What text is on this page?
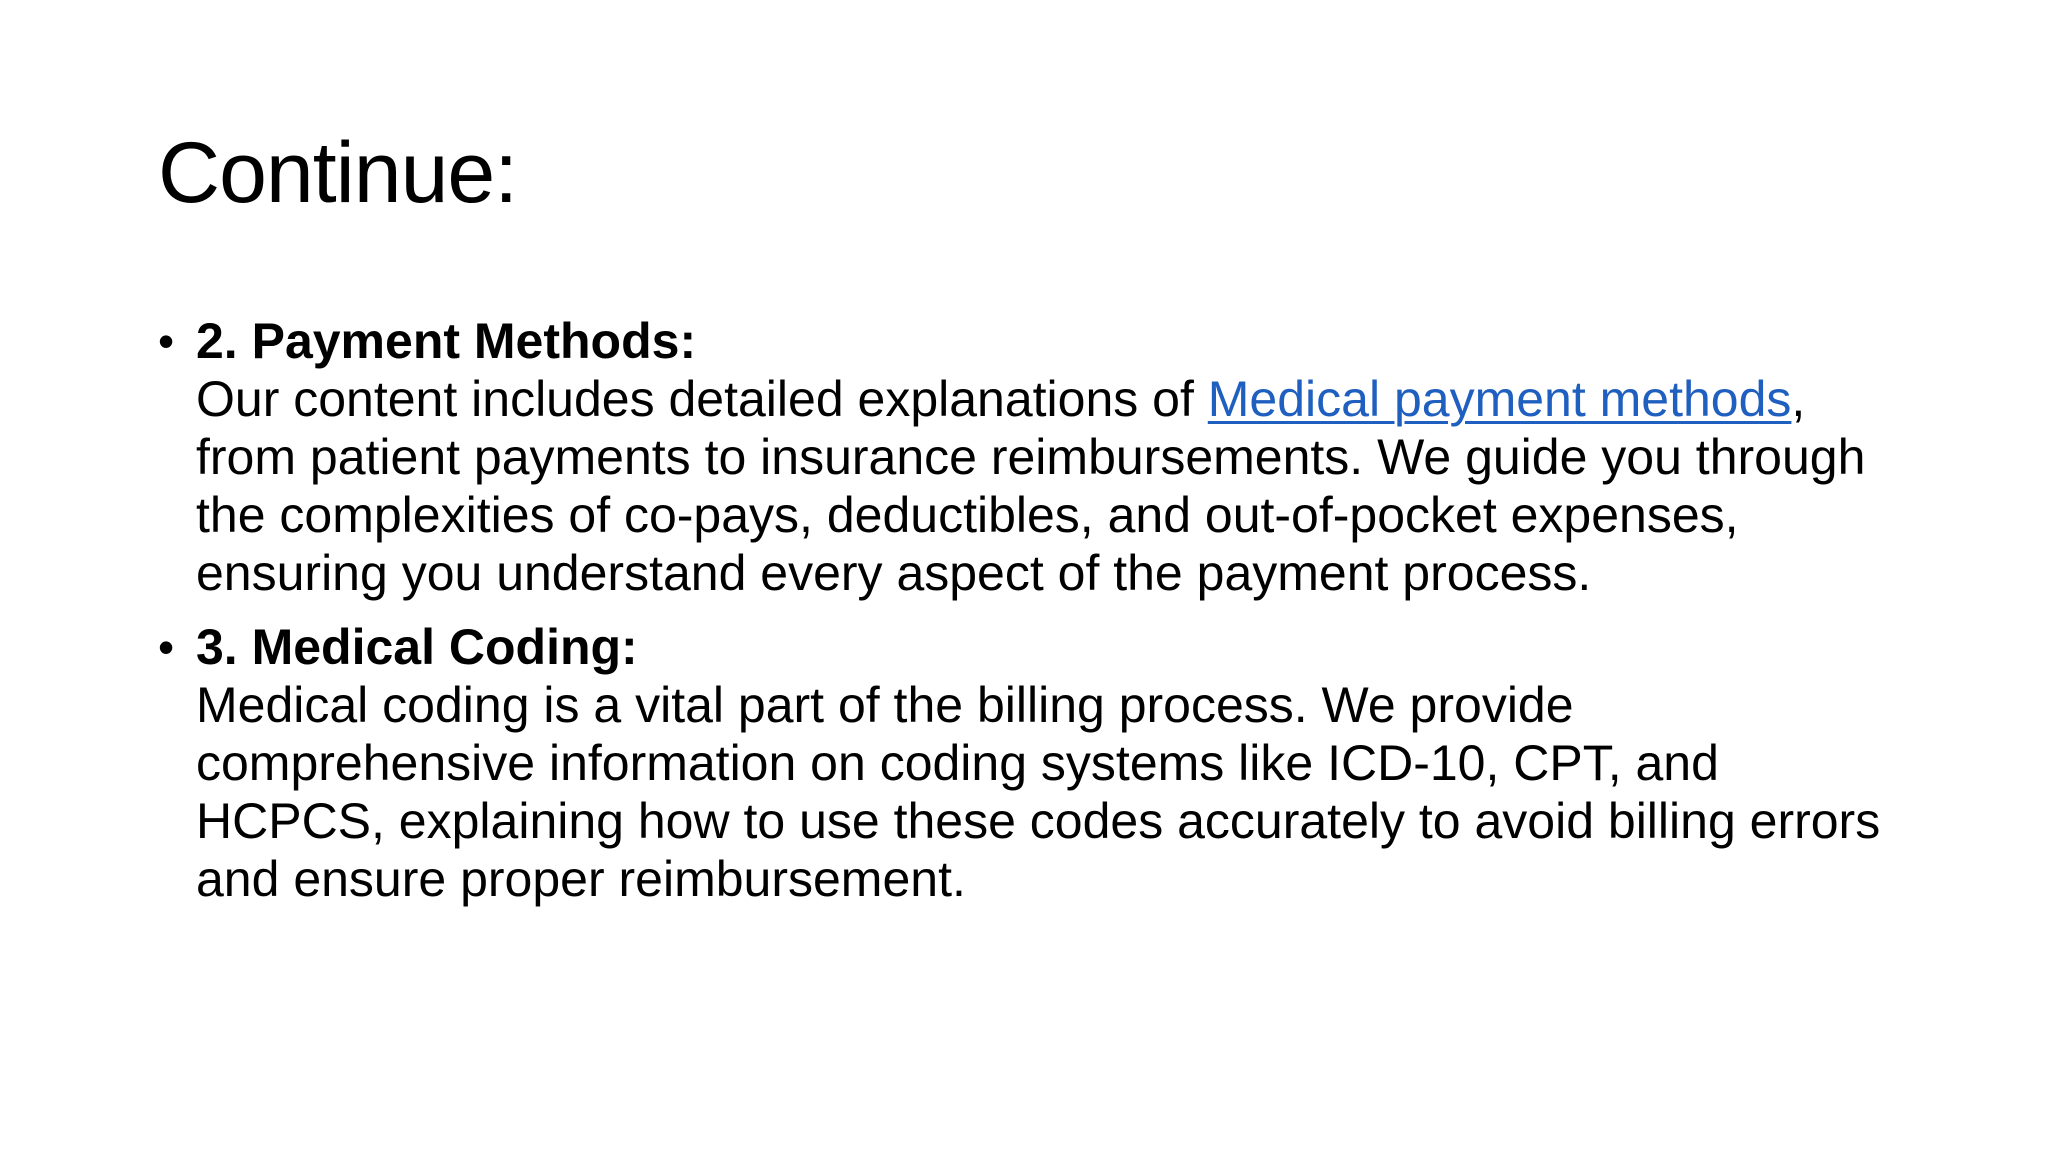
Continue:
• 2. Payment Methods:
Our content includes detailed explanations of Medical payment methods, from patient payments to insurance reimbursements. We guide you through the complexities of co-pays, deductibles, and out-of-pocket expenses, ensuring you understand every aspect of the payment process.
• 3. Medical Coding:
Medical coding is a vital part of the billing process. We provide comprehensive information on coding systems like ICD-10, CPT, and HCPCS, explaining how to use these codes accurately to avoid billing errors and ensure proper reimbursement.
